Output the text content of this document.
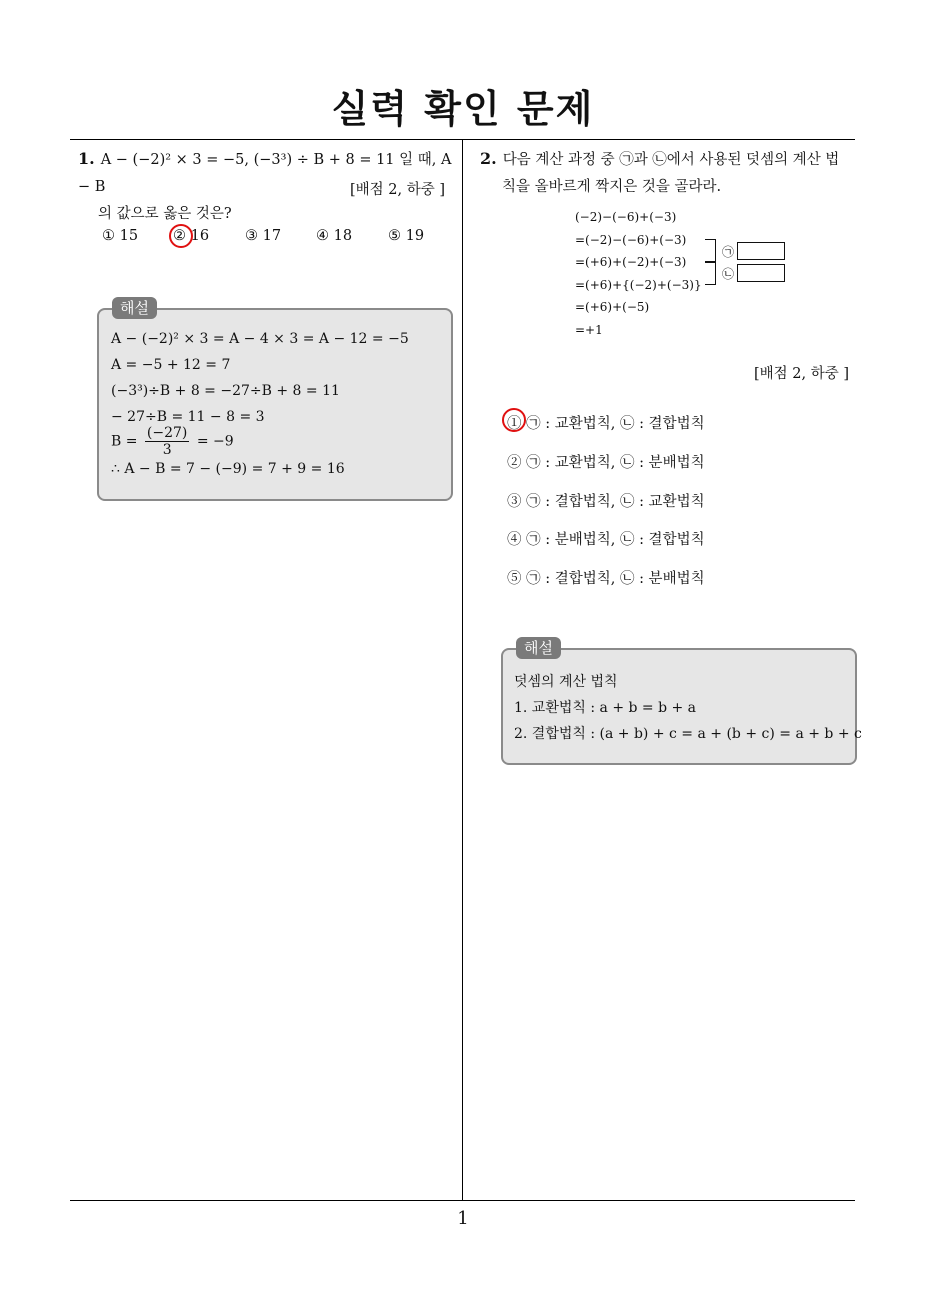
실력 확인 문제
1. A − (−2)² × 3 = −5, (−3³) ÷ B + 8 = 11 일 때, A − B
의 값으로 옳은 것은?
[배점 2, 하중 ]
① 15 ② 16 ③ 17 ④ 18 ⑤ 19
해설
A − (−2)² × 3 = A − 4 × 3 = A − 12 = −5
A = −5 + 12 = 7
(−3³)÷B + 8 = −27÷B + 8 = 11
− 27÷B = 11 − 8 = 3
$B = \frac{(-27)}{3} = -9$
∴ A − B = 7 − (−9) = 7 + 9 = 16
2. 다음 계산 과정 중 ㉠과 ㉡에서 사용된 덧셈의 계산 법
칙을 올바르게 짝지은 것을 골라라.
(−2)−(−6)+(−3)
=(−2)−(−6)+(−3)
=(+6)+(−2)+(−3)
=(+6)+{(−2)+(−3)}
=(+6)+(−5)
=+1
㉠
㉡
[배점 2, 하중 ]
① ㉠ : 교환법칙, ㉡ : 결합법칙
② ㉠ : 교환법칙, ㉡ : 분배법칙
③ ㉠ : 결합법칙, ㉡ : 교환법칙
④ ㉠ : 분배법칙, ㉡ : 결합법칙
⑤ ㉠ : 결합법칙, ㉡ : 분배법칙
해설
덧셈의 계산 법칙
1. 교환법칙 : a + b = b + a
2. 결합법칙 : (a + b) + c = a + (b + c) = a + b + c
1
